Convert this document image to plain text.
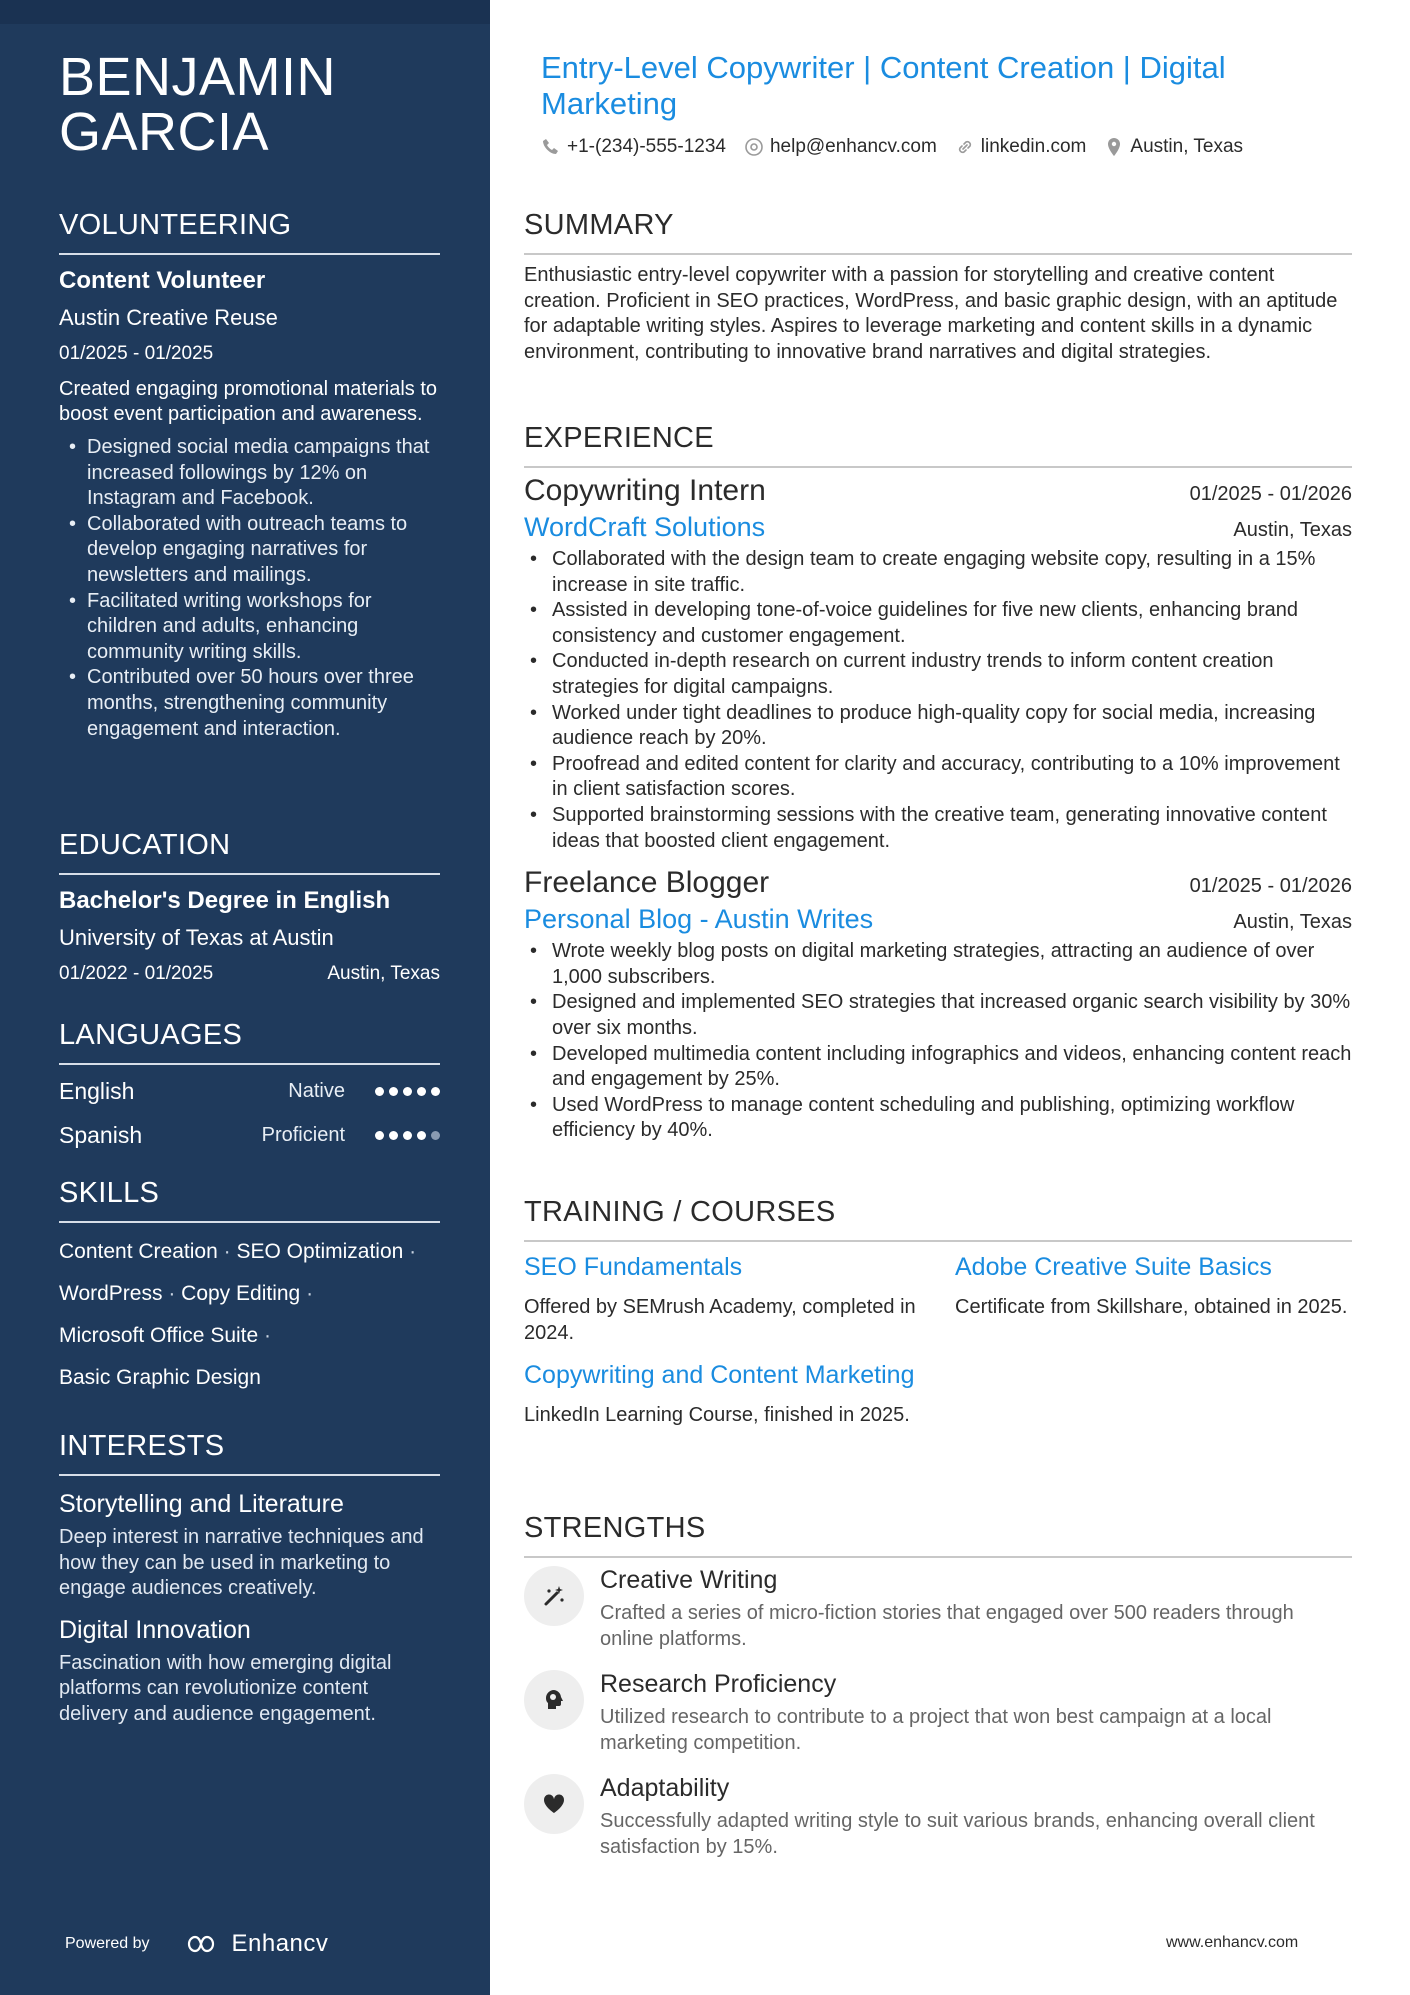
BENJAMIN
GARCIA
VOLUNTEERING
Content Volunteer
Austin Creative Reuse
01/2025 - 01/2025
Created engaging promotional materials to boost event participation and awareness.
• Designed social media campaigns that increased followings by 12% on Instagram and Facebook.
• Collaborated with outreach teams to develop engaging narratives for newsletters and mailings.
• Facilitated writing workshops for children and adults, enhancing community writing skills.
• Contributed over 50 hours over three months, strengthening community engagement and interaction.
EDUCATION
Bachelor's Degree in English
University of Texas at Austin
01/2022 - 01/2025	Austin, Texas
LANGUAGES
English	Native
Spanish	Proficient
SKILLS
Content Creation · SEO Optimization ·
WordPress · Copy Editing ·
Microsoft Office Suite ·
Basic Graphic Design
INTERESTS
Storytelling and Literature
Deep interest in narrative techniques and how they can be used in marketing to engage audiences creatively.
Digital Innovation
Fascination with how emerging digital platforms can revolutionize content delivery and audience engagement.
Powered by	Enhancv
Entry-Level Copywriter | Content Creation | Digital Marketing
+1-(234)-555-1234 help@enhancv.com linkedin.com Austin, Texas
SUMMARY
Enthusiastic entry-level copywriter with a passion for storytelling and creative content creation. Proficient in SEO practices, WordPress, and basic graphic design, with an aptitude for adaptable writing styles. Aspires to leverage marketing and content skills in a dynamic environment, contributing to innovative brand narratives and digital strategies.
EXPERIENCE
Copywriting Intern	01/2025 - 01/2026
WordCraft Solutions	Austin, Texas
• Collaborated with the design team to create engaging website copy, resulting in a 15% increase in site traffic.
• Assisted in developing tone-of-voice guidelines for five new clients, enhancing brand consistency and customer engagement.
• Conducted in-depth research on current industry trends to inform content creation strategies for digital campaigns.
• Worked under tight deadlines to produce high-quality copy for social media, increasing audience reach by 20%.
• Proofread and edited content for clarity and accuracy, contributing to a 10% improvement in client satisfaction scores.
• Supported brainstorming sessions with the creative team, generating innovative content ideas that boosted client engagement.
Freelance Blogger	01/2025 - 01/2026
Personal Blog - Austin Writes	Austin, Texas
• Wrote weekly blog posts on digital marketing strategies, attracting an audience of over 1,000 subscribers.
• Designed and implemented SEO strategies that increased organic search visibility by 30% over six months.
• Developed multimedia content including infographics and videos, enhancing content reach and engagement by 25%.
• Used WordPress to manage content scheduling and publishing, optimizing workflow efficiency by 40%.
TRAINING / COURSES
SEO Fundamentals
Offered by SEMrush Academy, completed in 2024.
Adobe Creative Suite Basics
Certificate from Skillshare, obtained in 2025.
Copywriting and Content Marketing
LinkedIn Learning Course, finished in 2025.
STRENGTHS
Creative Writing
Crafted a series of micro-fiction stories that engaged over 500 readers through online platforms.
Research Proficiency
Utilized research to contribute to a project that won best campaign at a local marketing competition.
Adaptability
Successfully adapted writing style to suit various brands, enhancing overall client satisfaction by 15%.
www.enhancv.com
